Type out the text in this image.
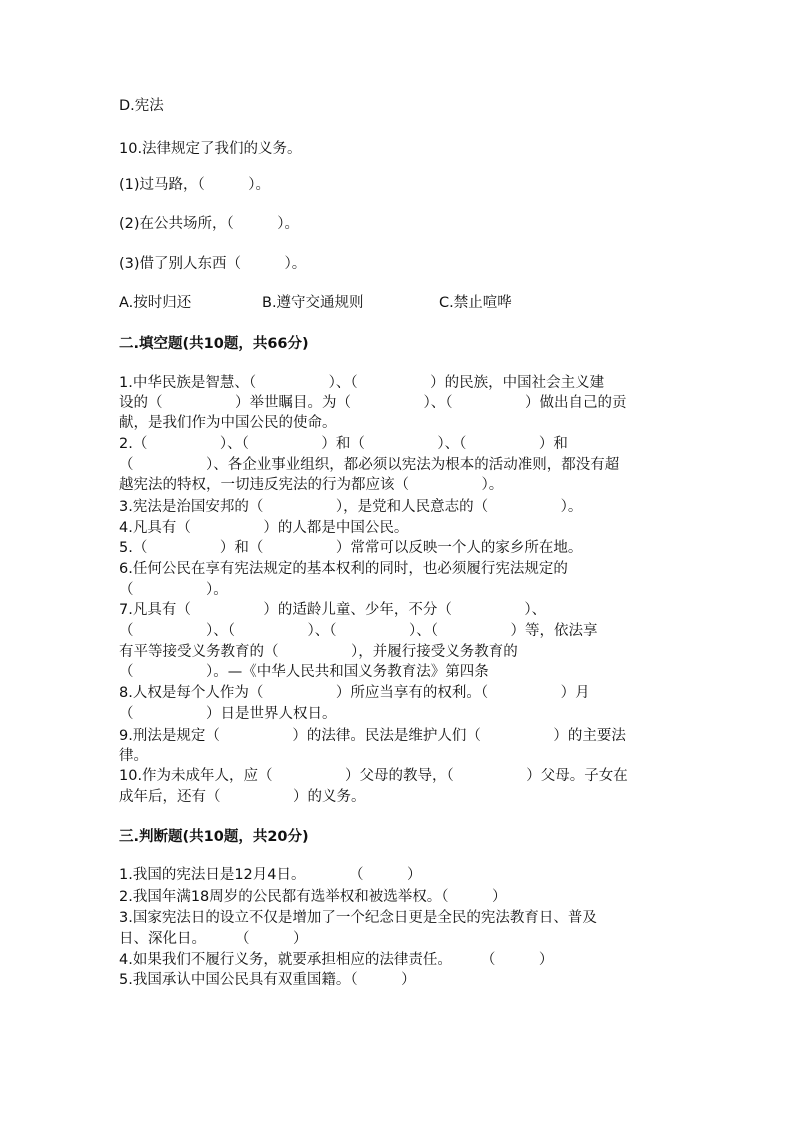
D.宪法
10.法律规定了我们的义务。
(1)过马路，（　　　）。
(2)在公共场所，（　　　）。
(3)借了别人东西（　　　）。
A.按时归还	B.遵守交通规则	C.禁止喧哗
二.填空题(共10题，共66分)
1.中华民族是智慧、（　　　　　）、（　　　　　）的民族，中国社会主义建
设的（　　　　　）举世瞩目。为（　　　　　）、（　　　　　）做出自己的贡
献，是我们作为中国公民的使命。
2.（　　　　　）、（　　　　　）和（　　　　　）、（　　　　　）和
（　　　　　）、各企业事业组织，都必须以宪法为根本的活动准则，都没有超
越宪法的特权，一切违反宪法的行为都应该（　　　　　）。
3.宪法是治国安邦的（　　　　　），是党和人民意志的（　　　　　）。
4.凡具有（　　　　　）的人都是中国公民。
5.（　　　　　）和（　　　　　）常常可以反映一个人的家乡所在地。
6.任何公民在享有宪法规定的基本权利的同时，也必须履行宪法规定的
（　　　　　）。
7.凡具有（　　　　　）的适龄儿童、少年，不分（　　　　　）、
（　　　　　）、（　　　　　）、（　　　　　）、（　　　　　）等，依法享
有平等接受义务教育的（　　　　　），并履行接受义务教育的
（　　　　　）。—《中华人民共和国义务教育法》第四条
8.人权是每个人作为（　　　　　）所应当享有的权利。（　　　　　）月
（　　　　　）日是世界人权日。
9.刑法是规定（　　　　　）的法律。民法是维护人们（　　　　　）的主要法
律。
10.作为未成年人，应（　　　　　）父母的教导，（　　　　　）父母。子女在
成年后，还有（　　　　　）的义务。
三.判断题(共10题，共20分)
1.我国的宪法日是12月4日。　　　　（　　　）
2.我国年满18周岁的公民都有选举权和被选举权。（　　　）
3.国家宪法日的设立不仅是增加了一个纪念日更是全民的宪法教育日、普及
日、深化日。　　　（　　　）
4.如果我们不履行义务，就要承担相应的法律责任。　　　（　　　）
5.我国承认中国公民具有双重国籍。（　　　）
